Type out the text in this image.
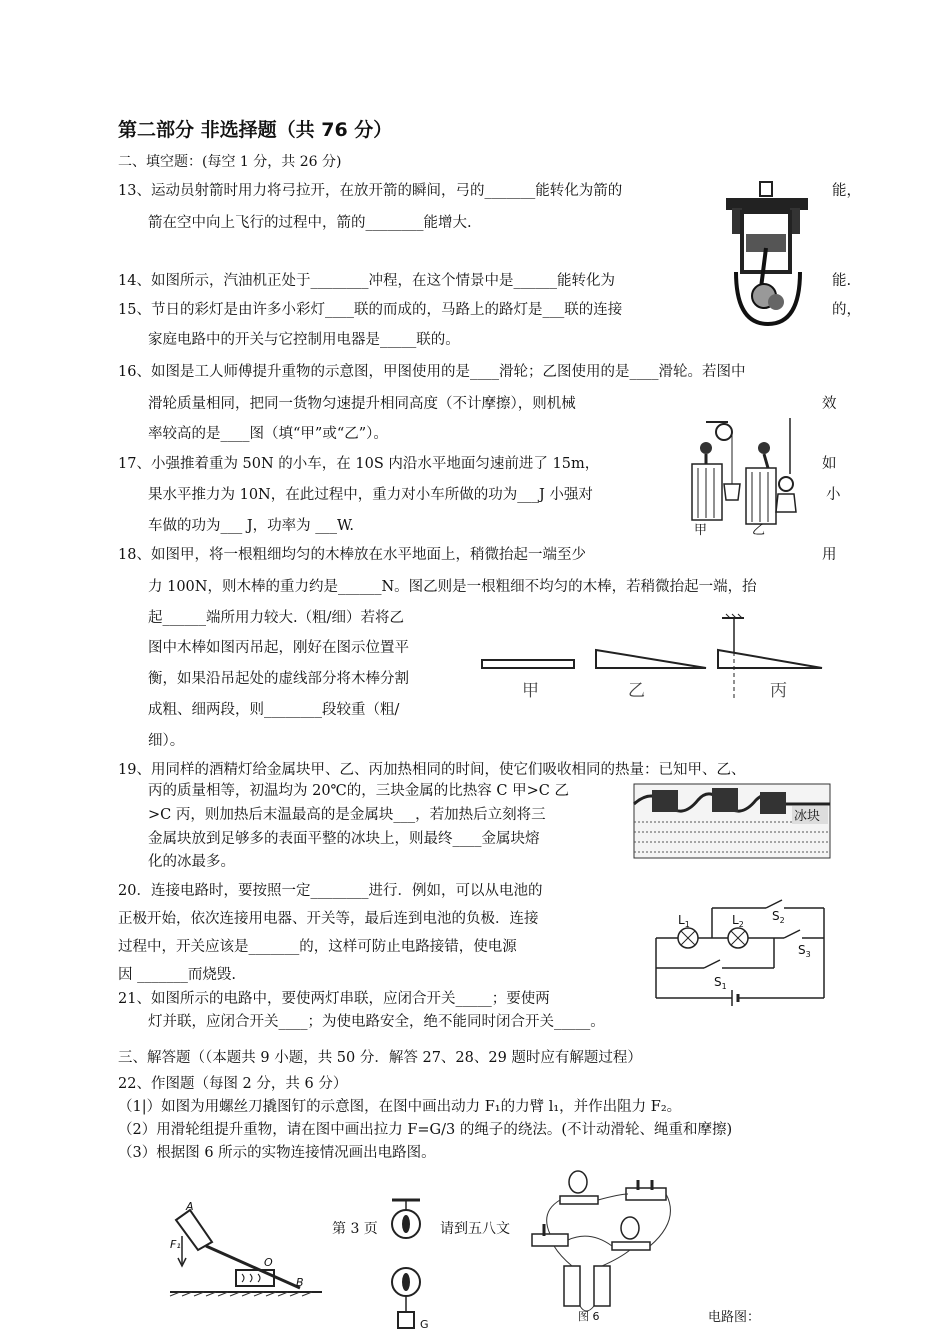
第二部分 非选择题（共 76 分）
二、填空题：(每空 1 分，共 26 分)
13、运动员射箭时用力将弓拉开，在放开箭的瞬间，弓的_______能转化为箭的	能，
箭在空中向上飞行的过程中，箭的________能增大.
14、如图所示，汽油机正处于________冲程，在这个情景中是______能转化为	能.
15、节日的彩灯是由许多小彩灯____联的而成的，马路上的路灯是___联的连接	的，
家庭电路中的开关与它控制用电器是_____联的。
16、如图是工人师傅提升重物的示意图，甲图使用的是____滑轮；乙图使用的是____滑轮。若图中
滑轮质量相同，把同一货物匀速提升相同高度（不计摩擦），则机械	效
率较高的是____图（填“甲”或“乙”）。
甲	乙
17、小强推着重为 50N 的小车，在 10S 内沿水平地面匀速前进了 15m，	如
果水平推力为 10N，在此过程中，重力对小车所做的功为___J 小强对	小
车做的功为___ J，功率为 ___W.
18、如图甲，将一根粗细均匀的木棒放在水平地面上，稍微抬起一端至少	用
力 100N，则木棒的重力约是______N。图乙则是一根粗细不均匀的木棒，若稍微抬起一端，抬
起______端所用力较大.（粗/细）若将乙
图中木棒如图丙吊起，刚好在图示位置平
衡，如果沿吊起处的虚线部分将木棒分割
成粗、细两段，则________段较重（粗/
细）。
甲	乙	丙
19、用同样的酒精灯给金属块甲、乙、丙加热相同的时间，使它们吸收相同的热量：已知甲、乙、
丙的质量相等，初温均为 20℃的，三块金属的比热容 C 甲>C 乙
>C 丙，则加热后末温最高的是金属块___，若加热后立刻将三
金属块放到足够多的表面平整的冰块上，则最终____金属块熔
化的冰最多。
冰块
20．连接电路时，要按照一定________进行．例如，可以从电池的
正极开始，依次连接用电器、开关等，最后连到电池的负极．连接
过程中，开关应该是_______的，这样可防止电路接错，使电源
因 _______而烧毁.
$L_1$	$L_2$
$S_2$
$S_3$
$S_1$
21、如图所示的电路中，要使两灯串联，应闭合开关_____；要使两
灯并联，应闭合开关____；为使电路安全，绝不能同时闭合开关_____。
三、解答题（（本题共 9 小题，共 50 分．解答 27、28、29 题时应有解题过程）
22、作图题（每图 2 分，共 6 分）
（1|）如图为用螺丝刀撬图钉的示意图，在图中画出动力 F₁的力臂 l₁，并作出阻力 F₂。
（2）用滑轮组提升重物，请在图中画出拉力 F=G/3 的绳子的绕法。(不计动滑轮、绳重和摩擦)
（3）根据图 6 所示的实物连接情况画出电路图。
A
F₁
O
B
G
第 3 页	请到五八文
图 6	电路图：
